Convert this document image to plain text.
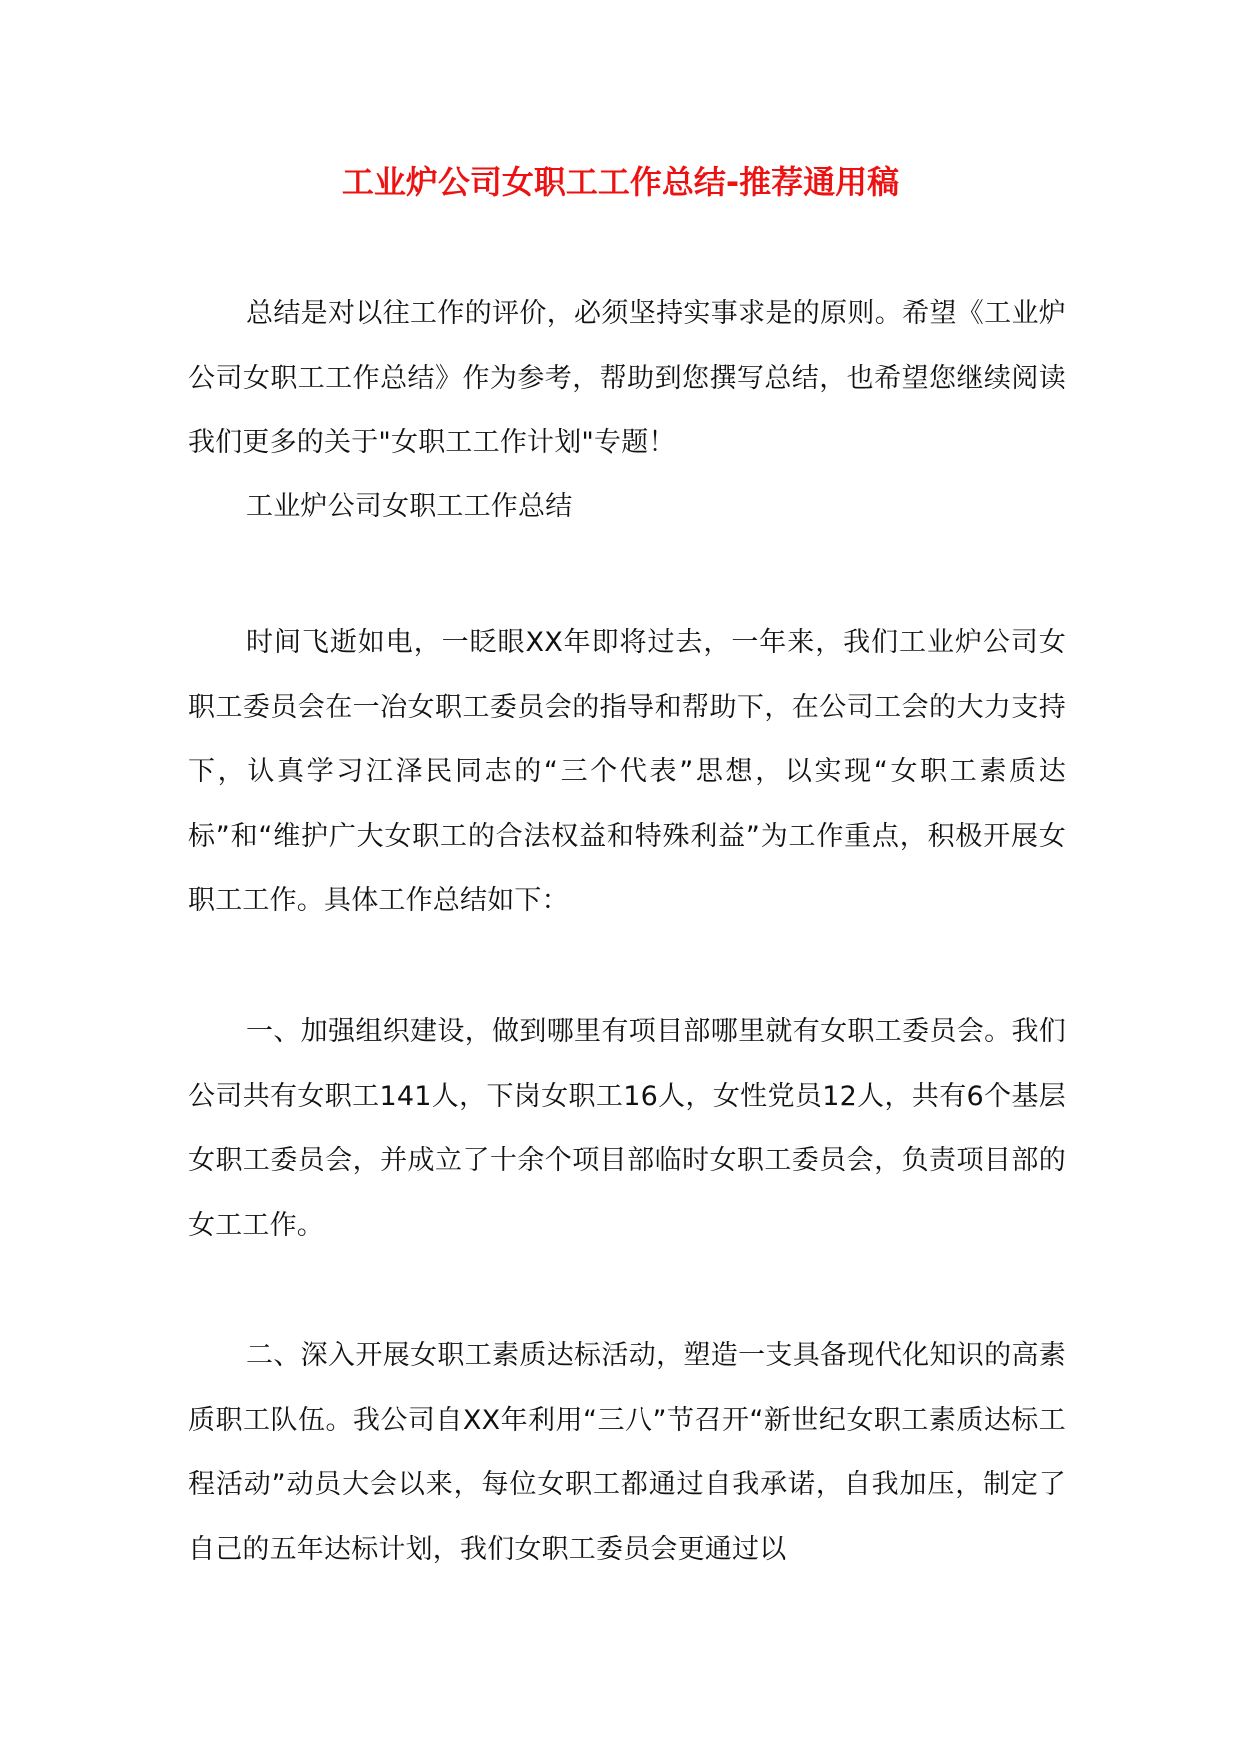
工业炉公司女职工工作总结-推荐通用稿

总结是对以往工作的评价，必须坚持实事求是的原则。希望《工业炉公司女职工工作总结》作为参考，帮助到您撰写总结，也希望您继续阅读我们更多的关于"女职工工作计划"专题！

工业炉公司女职工工作总结

时间飞逝如电，一眨眼XX年即将过去，一年来，我们工业炉公司女职工委员会在一冶女职工委员会的指导和帮助下，在公司工会的大力支持下，认真学习江泽民同志的“三个代表”思想，以实现“女职工素质达标”和“维护广大女职工的合法权益和特殊利益”为工作重点，积极开展女职工工作。具体工作总结如下：

一、加强组织建设，做到哪里有项目部哪里就有女职工委员会。我们公司共有女职工141人，下岗女职工16人，女性党员12人，共有6个基层女职工委员会，并成立了十余个项目部临时女职工委员会，负责项目部的女工工作。

二、深入开展女职工素质达标活动，塑造一支具备现代化知识的高素质职工队伍。我公司自XX年利用“三八”节召开“新世纪女职工素质达标工程活动”动员大会以来，每位女职工都通过自我承诺，自我加压，制定了自己的五年达标计划，我们女职工委员会更通过以
